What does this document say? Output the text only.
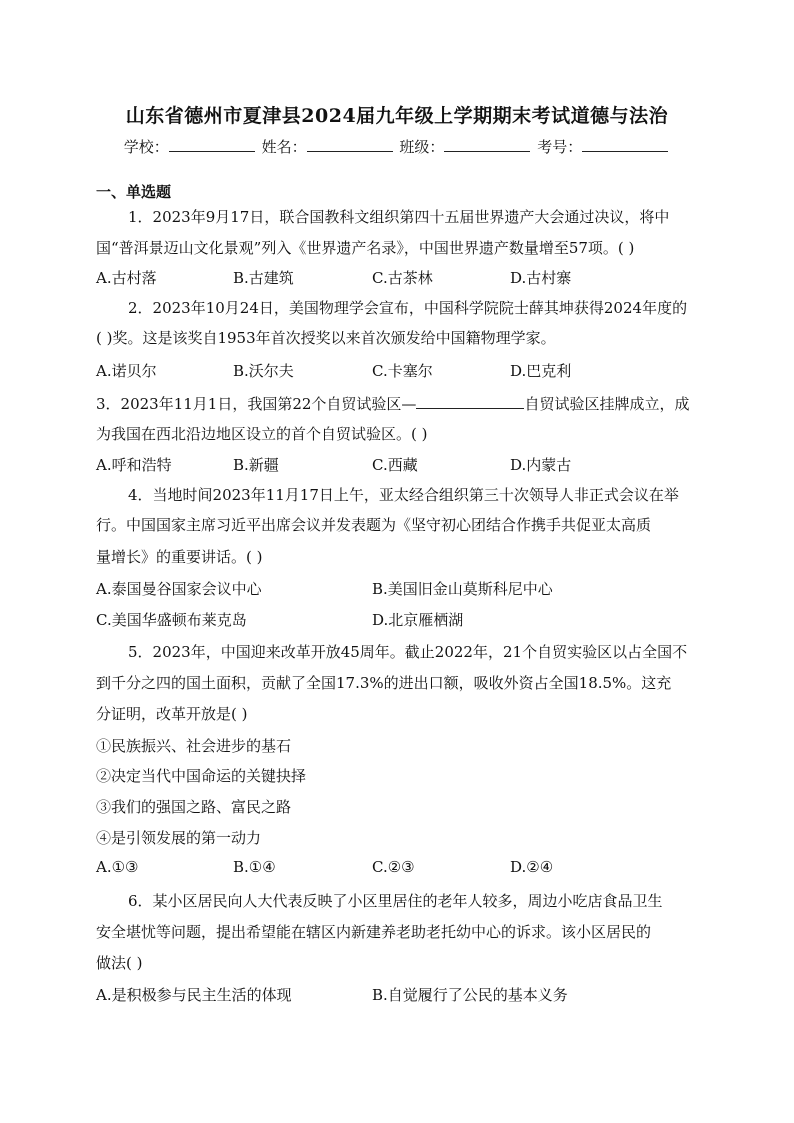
山东省德州市夏津县2024届九年级上学期期末考试道德与法治
学校：	姓名：	班级：	考号：
一、单选题
1．2023年9月17日，联合国教科文组织第四十五届世界遗产大会通过决议，将中
国“普洱景迈山文化景观”列入《世界遗产名录》，中国世界遗产数量增至57项。( )
A.古村落	B.古建筑	C.古茶林	D.古村寨
2．2023年10月24日，美国物理学会宣布，中国科学院院士薛其坤获得2024年度的
( )奖。这是该奖自1953年首次授奖以来首次颁发给中国籍物理学家。
A.诺贝尔	B.沃尔夫	C.卡塞尔	D.巴克利
3．2023年11月1日，我国第22个自贸试验区—	自贸试验区挂牌成立，成
为我国在西北沿边地区设立的首个自贸试验区。( )
A.呼和浩特	B.新疆	C.西藏	D.内蒙古
4．当地时间2023年11月17日上午，亚太经合组织第三十次领导人非正式会议在举
行。中国国家主席习近平出席会议并发表题为《坚守初心团结合作携手共促亚太高质
量增长》的重要讲话。( )
A.泰国曼谷国家会议中心	B.美国旧金山莫斯科尼中心
C.美国华盛顿布莱克岛	D.北京雁栖湖
5．2023年，中国迎来改革开放45周年。截止2022年，21个自贸实验区以占全国不
到千分之四的国土面积，贡献了全国17.3%的进出口额，吸收外资占全国18.5%。这充
分证明，改革开放是( )
①民族振兴、社会进步的基石
②决定当代中国命运的关键抉择
③我们的强国之路、富民之路
④是引领发展的第一动力
A.①③	B.①④	C.②③	D.②④
6．某小区居民向人大代表反映了小区里居住的老年人较多，周边小吃店食品卫生
安全堪忧等问题，提出希望能在辖区内新建养老助老托幼中心的诉求。该小区居民的
做法( )
A.是积极参与民主生活的体现	B.自觉履行了公民的基本义务
